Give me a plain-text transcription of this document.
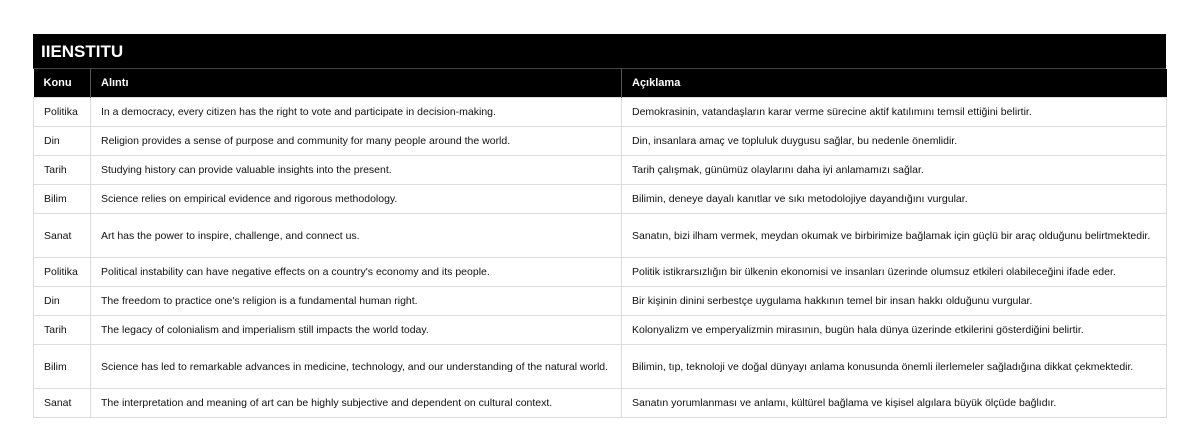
IIENSTITU
Konu	Alıntı	Açıklama
Politika	In a democracy, every citizen has the right to vote and participate in decision-making.	Demokrasinin, vatandaşların karar verme sürecine aktif katılımını temsil ettiğini belirtir.
Din	Religion provides a sense of purpose and community for many people around the world.	Din, insanlara amaç ve topluluk duygusu sağlar, bu nedenle önemlidir.
Tarih	Studying history can provide valuable insights into the present.	Tarih çalışmak, günümüz olaylarını daha iyi anlamamızı sağlar.
Bilim	Science relies on empirical evidence and rigorous methodology.	Bilimin, deneye dayalı kanıtlar ve sıkı metodolojiye dayandığını vurgular.
Sanat	Art has the power to inspire, challenge, and connect us.	Sanatın, bizi ilham vermek, meydan okumak ve birbirimize bağlamak için güçlü bir araç olduğunu belirtmektedir.
Politika	Political instability can have negative effects on a country's economy and its people.	Politik istikrarsızlığın bir ülkenin ekonomisi ve insanları üzerinde olumsuz etkileri olabileceğini ifade eder.
Din	The freedom to practice one's religion is a fundamental human right.	Bir kişinin dinini serbestçe uygulama hakkının temel bir insan hakkı olduğunu vurgular.
Tarih	The legacy of colonialism and imperialism still impacts the world today.	Kolonyalizm ve emperyalizmin mirasının, bugün hala dünya üzerinde etkilerini gösterdiğini belirtir.
Bilim	Science has led to remarkable advances in medicine, technology, and our understanding of the natural world.	Bilimin, tıp, teknoloji ve doğal dünyayı anlama konusunda önemli ilerlemeler sağladığına dikkat çekmektedir.
Sanat	The interpretation and meaning of art can be highly subjective and dependent on cultural context.	Sanatın yorumlanması ve anlamı, kültürel bağlama ve kişisel algılara büyük ölçüde bağlıdır.
